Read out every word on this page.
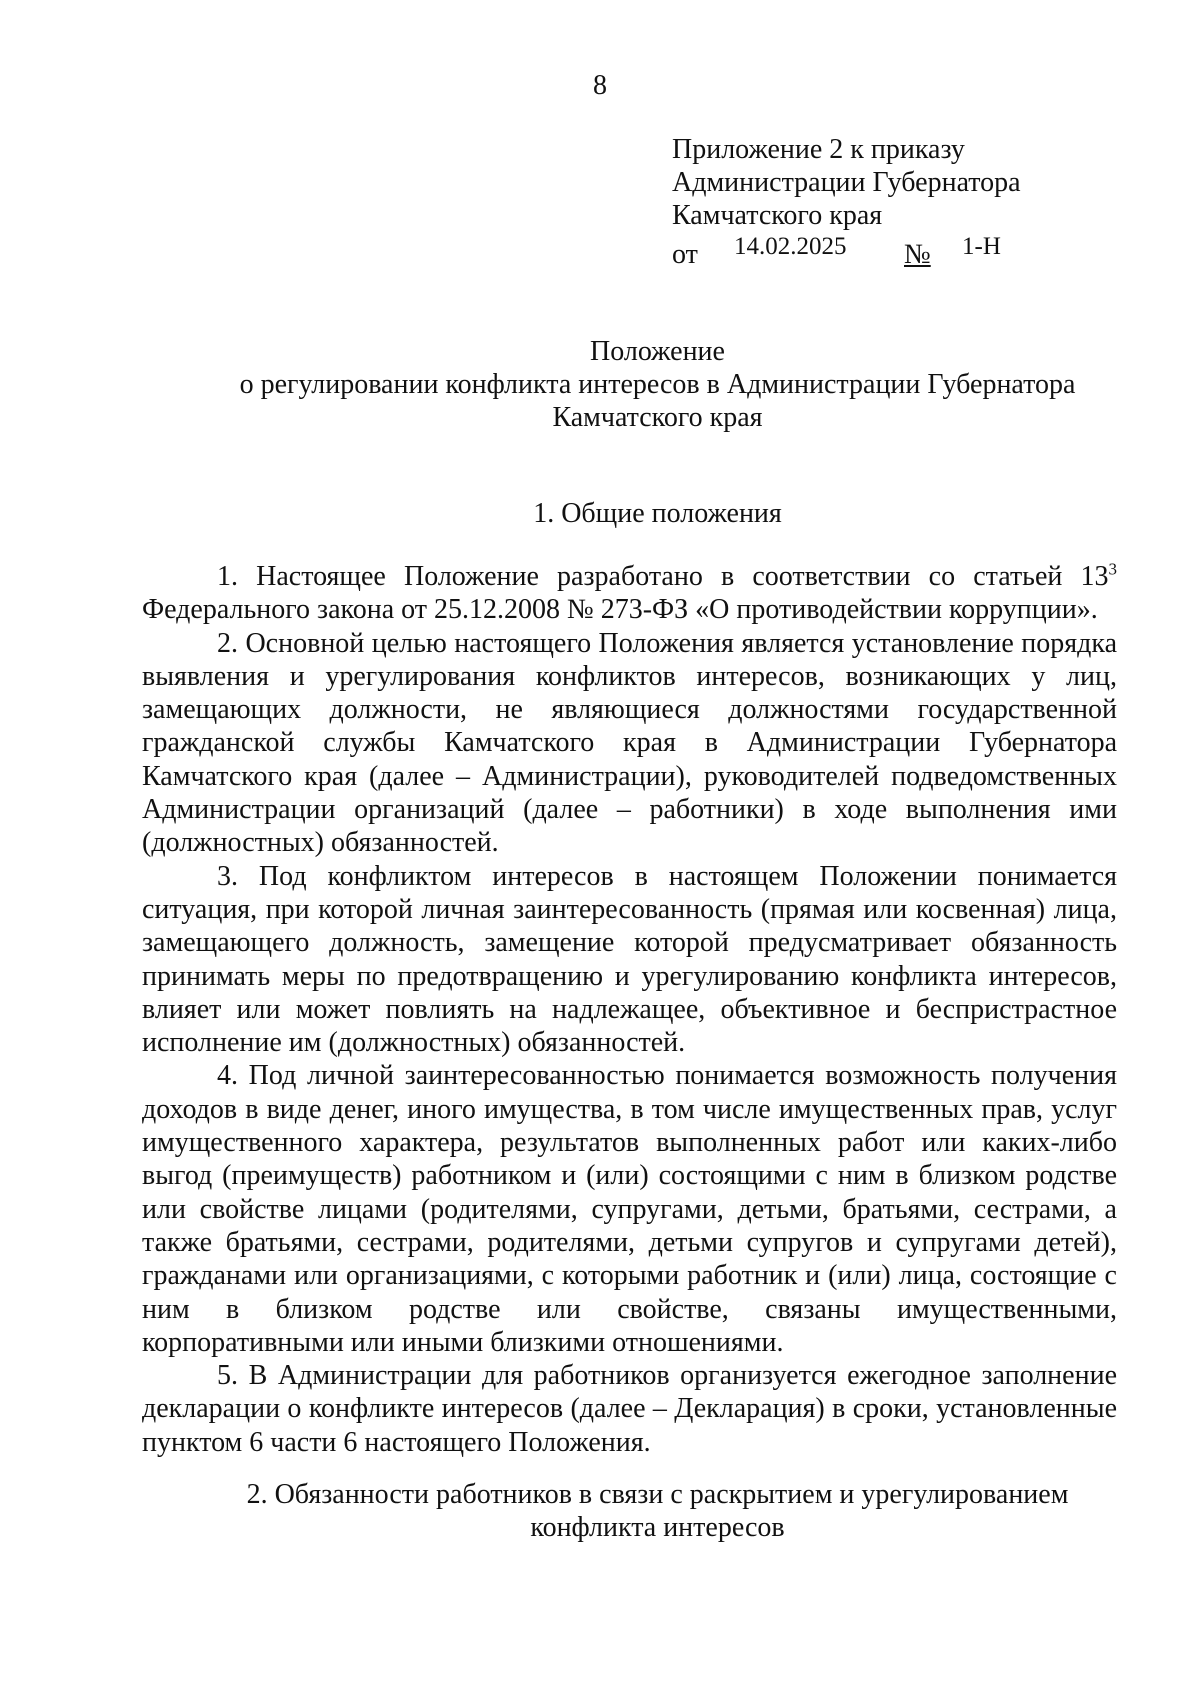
8
Приложение 2 к приказу
Администрации Губернатора
Камчатского края
от 14.02.2025 № 1-Н
Положение
о регулировании конфликта интересов в Администрации Губернатора
Камчатского края
1. Общие положения

1. Настоящее Положение разработано в соответствии со статьей $13^3$ Федерального закона от 25.12.2008 № 273-ФЗ «О противодействии коррупции».

2. Основной целью настоящего Положения является установление порядка выявления и урегулирования конфликтов интересов, возникающих у лиц, замещающих должности, не являющиеся должностями государственной гражданской службы Камчатского края в Администрации Губернатора Камчатского края (далее – Администрации), руководителей подведомственных Администрации организаций (далее – работники) в ходе выполнения ими (должностных) обязанностей.

3. Под конфликтом интересов в настоящем Положении понимается ситуация, при которой личная заинтересованность (прямая или косвенная) лица, замещающего должность, замещение которой предусматривает обязанность принимать меры по предотвращению и урегулированию конфликта интересов, влияет или может повлиять на надлежащее, объективное и беспристрастное исполнение им (должностных) обязанностей.

4. Под личной заинтересованностью понимается возможность получения доходов в виде денег, иного имущества, в том числе имущественных прав, услуг имущественного характера, результатов выполненных работ или каких-либо выгод (преимуществ) работником и (или) состоящими с ним в близком родстве или свойстве лицами (родителями, супругами, детьми, братьями, сестрами, а также братьями, сестрами, родителями, детьми супругов и супругами детей), гражданами или организациями, с которыми работник и (или) лица, состоящие с ним в близком родстве или свойстве, связаны имущественными, корпоративными или иными близкими отношениями.

5. В Администрации для работников организуется ежегодное заполнение декларации о конфликте интересов (далее – Декларация) в сроки, установленные пунктом 6 части 6 настоящего Положения.

2. Обязанности работников в связи с раскрытием и урегулированием
конфликта интересов
